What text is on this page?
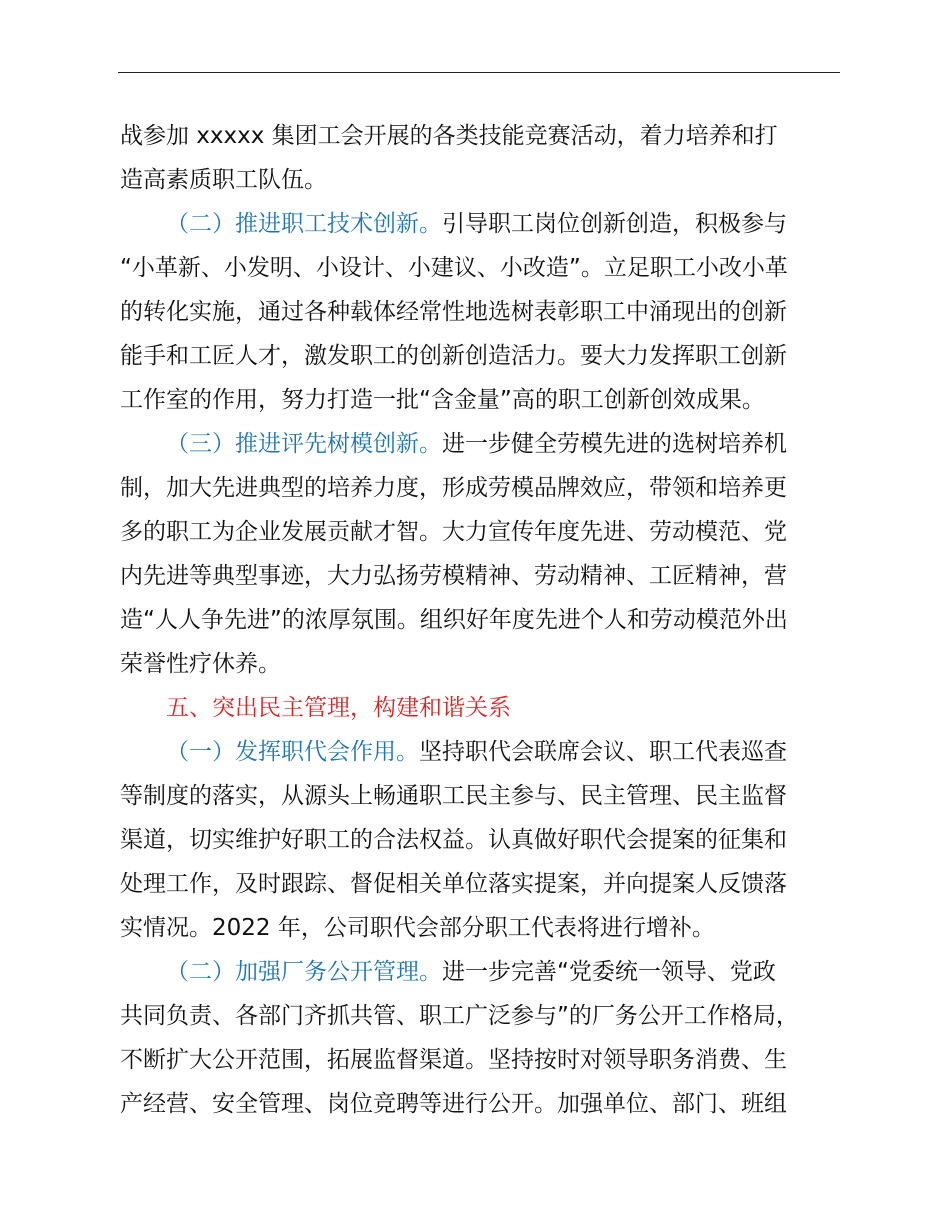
战参加 xxxxx 集团工会开展的各类技能竞赛活动，着力培养和打
造高素质职工队伍。
（二）推进职工技术创新。引导职工岗位创新创造，积极参与
“小革新、小发明、小设计、小建议、小改造”。立足职工小改小革
的转化实施，通过各种载体经常性地选树表彰职工中涌现出的创新
能手和工匠人才，激发职工的创新创造活力。要大力发挥职工创新
工作室的作用，努力打造一批“含金量”高的职工创新创效成果。
（三）推进评先树模创新。进一步健全劳模先进的选树培养机
制，加大先进典型的培养力度，形成劳模品牌效应，带领和培养更
多的职工为企业发展贡献才智。大力宣传年度先进、劳动模范、党
内先进等典型事迹，大力弘扬劳模精神、劳动精神、工匠精神，营
造“人人争先进”的浓厚氛围。组织好年度先进个人和劳动模范外出
荣誉性疗休养。
五、突出民主管理，构建和谐关系
（一）发挥职代会作用。坚持职代会联席会议、职工代表巡查
等制度的落实，从源头上畅通职工民主参与、民主管理、民主监督
渠道，切实维护好职工的合法权益。认真做好职代会提案的征集和
处理工作，及时跟踪、督促相关单位落实提案，并向提案人反馈落
实情况。2022 年，公司职代会部分职工代表将进行增补。
（二）加强厂务公开管理。进一步完善“党委统一领导、党政
共同负责、各部门齐抓共管、职工广泛参与”的厂务公开工作格局，
不断扩大公开范围，拓展监督渠道。坚持按时对领导职务消费、生
产经营、安全管理、岗位竞聘等进行公开。加强单位、部门、班组
